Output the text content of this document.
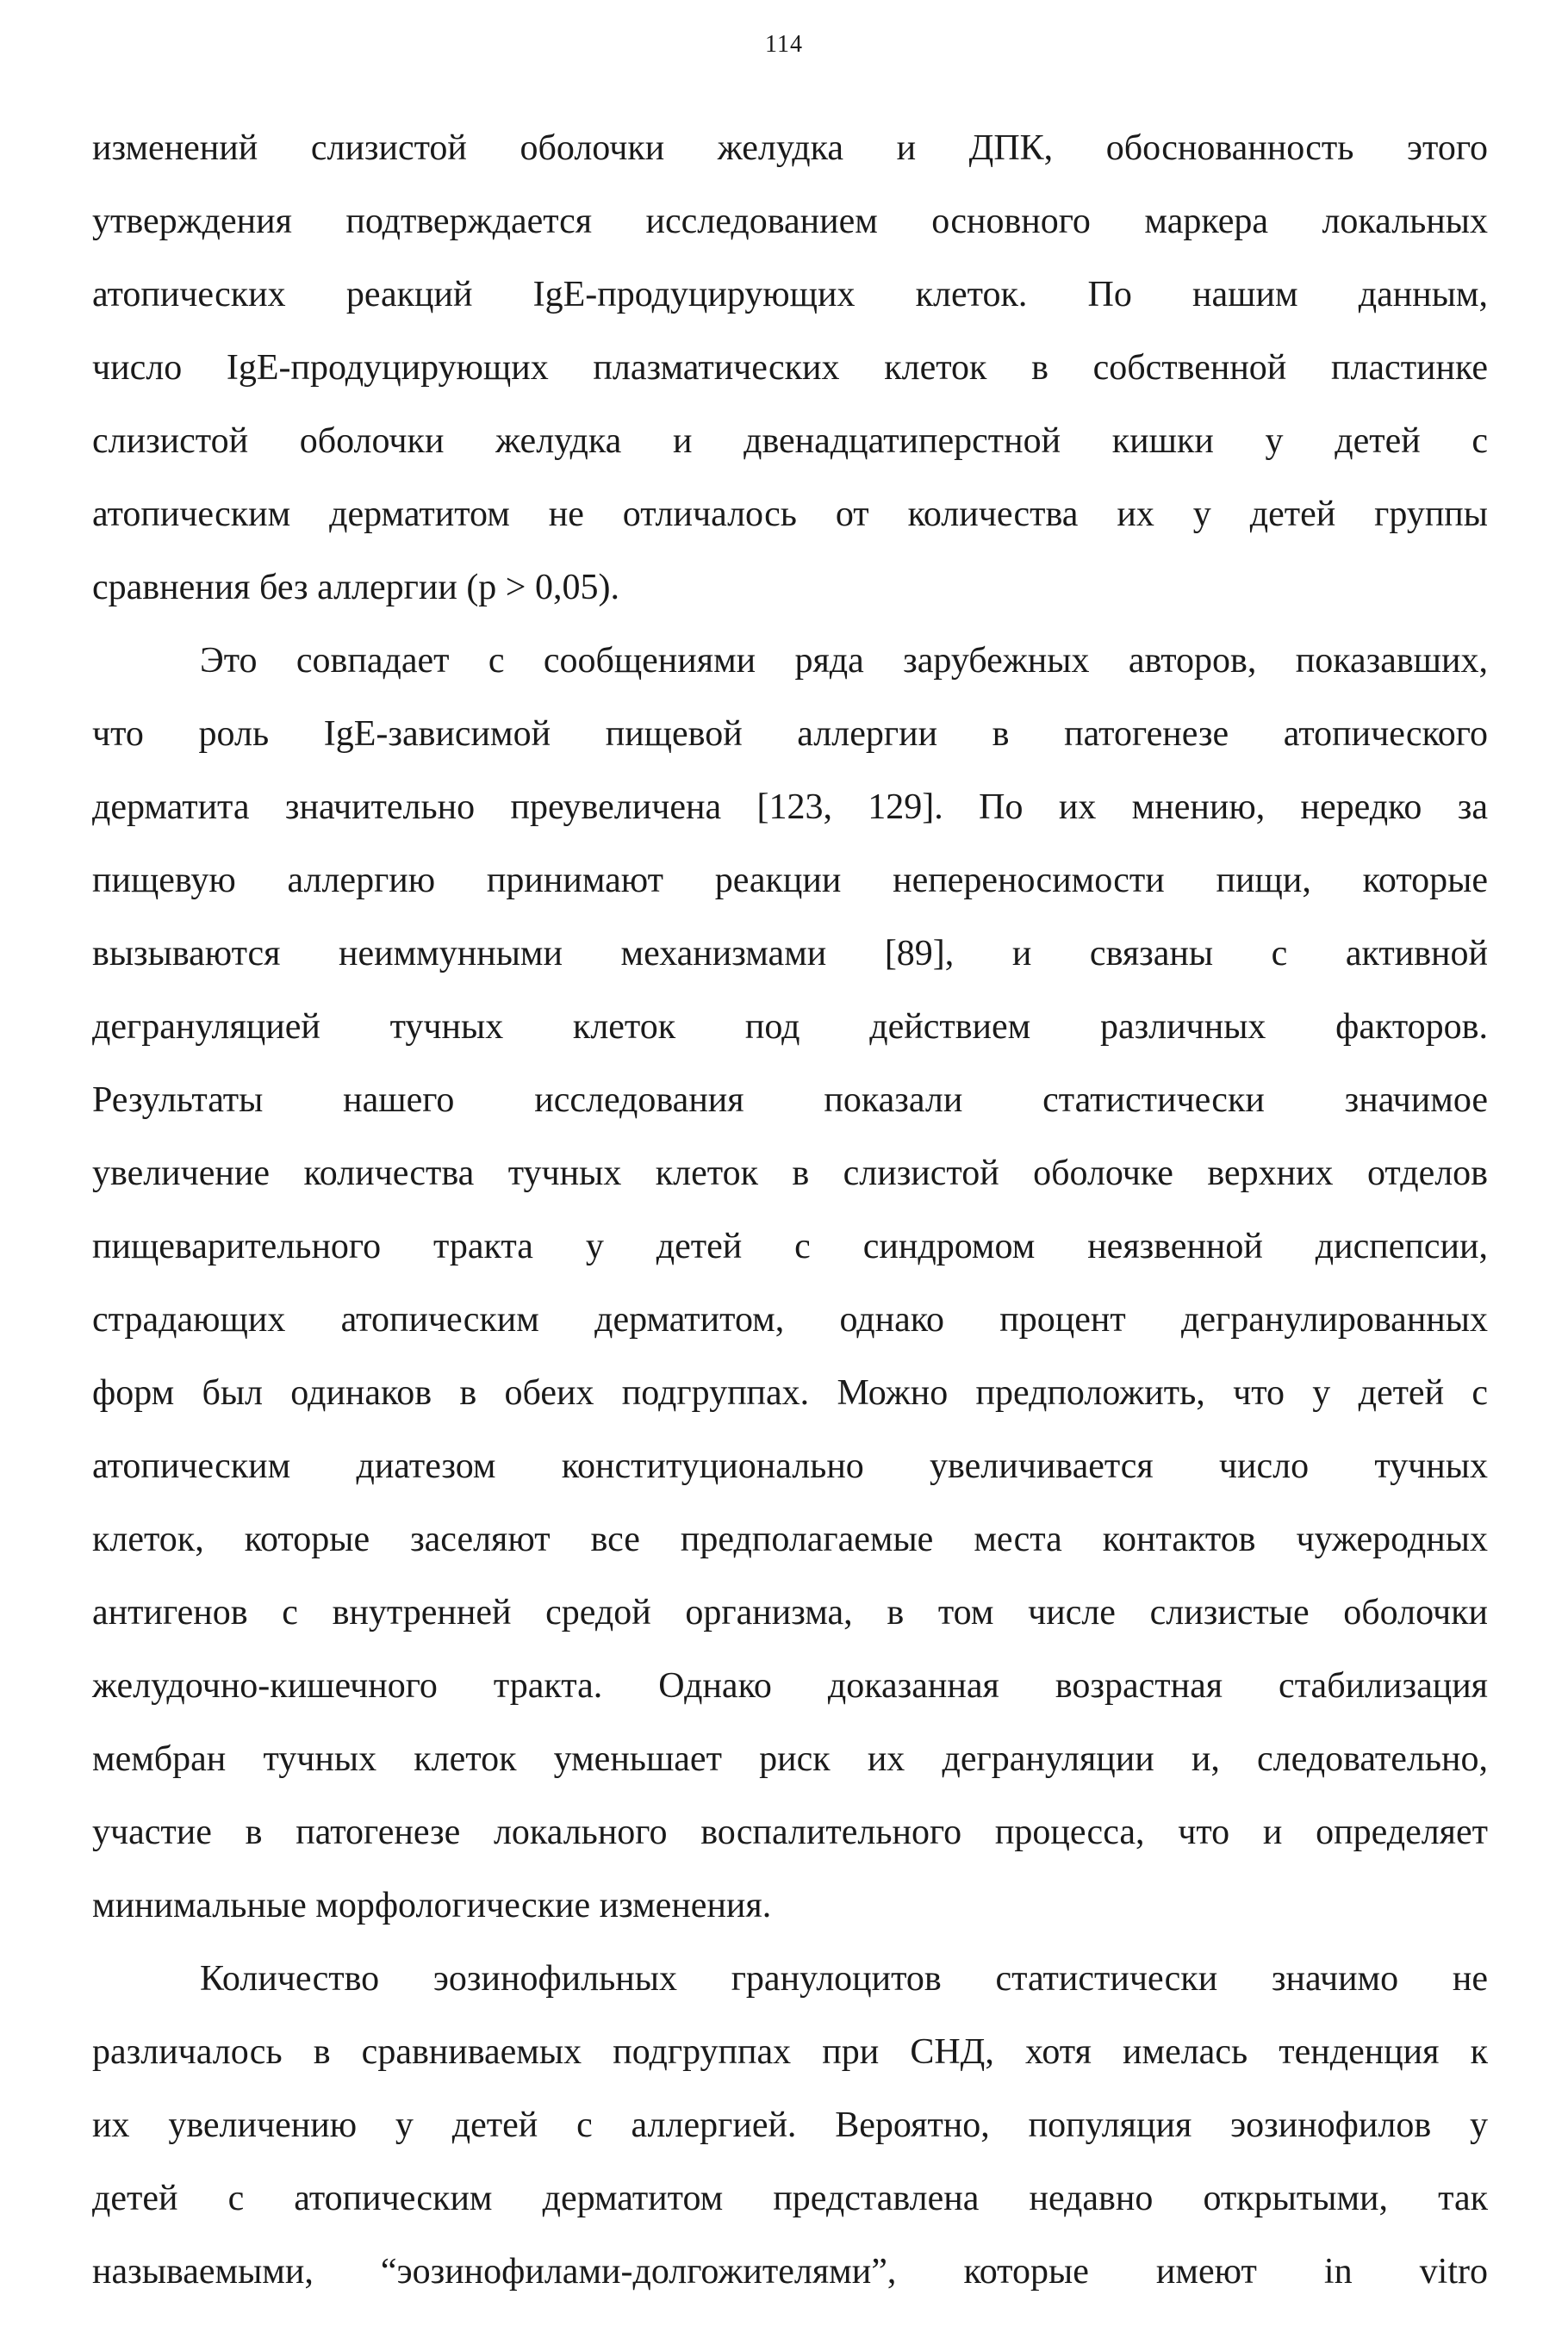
114
изменений слизистой оболочки желудка и ДПК, обоснованность этого
утверждения подтверждается исследованием основного маркера локальных
атопических реакций IgE-продуцирующих клеток. По нашим данным,
число IgE-продуцирующих плазматических клеток в собственной пластинке
слизистой оболочки желудка и двенадцатиперстной кишки у детей с
атопическим дерматитом не отличалось от количества их у детей группы
сравнения без аллергии (p > 0,05).
Это совпадает с сообщениями ряда зарубежных авторов, показавших,
что роль IgE-зависимой пищевой аллергии в патогенезе атопического
дерматита значительно преувеличена [123, 129]. По их мнению, нередко за
пищевую аллергию принимают реакции непереносимости пищи, которые
вызываются неиммунными механизмами [89], и связаны с активной
дегрануляцией тучных клеток под действием различных факторов.
Результаты нашего исследования показали статистически значимое
увеличение количества тучных клеток в слизистой оболочке верхних отделов
пищеварительного тракта у детей с синдромом неязвенной диспепсии,
страдающих атопическим дерматитом, однако процент дегранулированных
форм был одинаков в обеих подгруппах. Можно предположить, что у детей с
атопическим диатезом конституционально увеличивается число тучных
клеток, которые заселяют все предполагаемые места контактов чужеродных
антигенов с внутренней средой организма, в том числе слизистые оболочки
желудочно-кишечного тракта. Однако доказанная возрастная стабилизация
мембран тучных клеток уменьшает риск их дегрануляции и, следовательно,
участие в патогенезе локального воспалительного процесса, что и определяет
минимальные морфологические изменения.
Количество эозинофильных гранулоцитов статистически значимо не
различалось в сравниваемых подгруппах при СНД, хотя имелась тенденция к
их увеличению у детей с аллергией. Вероятно, популяция эозинофилов у
детей с атопическим дерматитом представлена недавно открытыми, так
называемыми, “эозинофилами-долгожителями”, которые имеют in vitro
